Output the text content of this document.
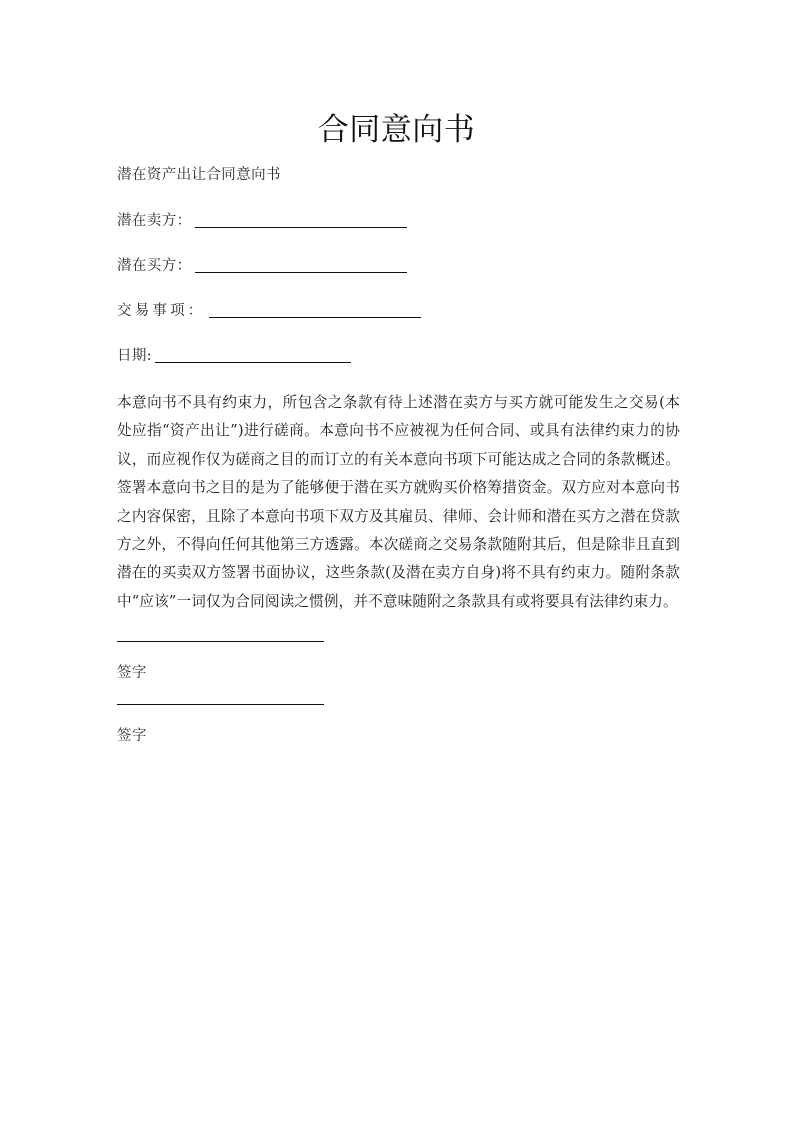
合同意向书

潜在资产出让合同意向书

潜在卖方：
潜在买方：
交易事项：
日期:

本意向书不具有约束力，所包含之条款有待上述潜在卖方与买方就可能发生之交易(本处应指“资产出让”)进行磋商。本意向书不应被视为任何合同、或具有法律约束力的协议，而应视作仅为磋商之目的而订立的有关本意向书项下可能达成之合同的条款概述。签署本意向书之目的是为了能够便于潜在买方就购买价格筹措资金。双方应对本意向书之内容保密，且除了本意向书项下双方及其雇员、律师、会计师和潜在买方之潜在贷款方之外，不得向任何其他第三方透露。本次磋商之交易条款随附其后，但是除非且直到潜在的买卖双方签署书面协议，这些条款(及潜在卖方自身)将不具有约束力。随附条款中“应该”一词仅为合同阅读之惯例，并不意味随附之条款具有或将要具有法律约束力。

签字
签字
